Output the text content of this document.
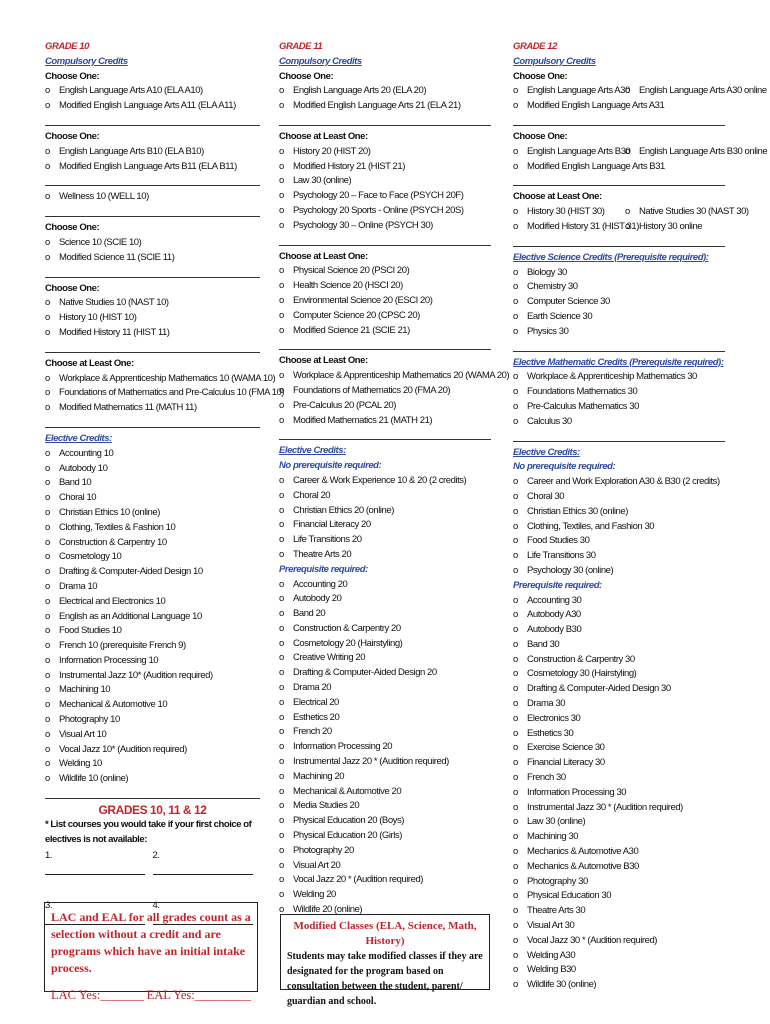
GRADE 10
Compulsory Credits
Choose One:
o English Language Arts A10 (ELA A10)
o Modified English Language Arts A11 (ELA A11)
Choose One:
o English Language Arts B10 (ELA B10)
o Modified English Language Arts B11 (ELA B11)
o Wellness 10 (WELL 10)
Choose One:
o Science 10 (SCIE 10)
o Modified Science 11 (SCIE 11)
Choose One:
o Native Studies 10 (NAST 10)
o History 10 (HIST 10)
o Modified History 11 (HIST 11)
Choose at Least One:
o Workplace & Apprenticeship Mathematics 10 (WAMA 10)
o Foundations of Mathematics and Pre-Calculus 10 (FMA 10)
o Modified Mathematics 11 (MATH 11)
Elective Credits:
o Accounting 10
o Autobody 10
o Band 10
o Choral 10
o Christian Ethics 10 (online)
o Clothing, Textiles & Fashion 10
o Construction & Carpentry 10
o Cosmetology 10
o Drafting & Computer-Aided Design 10
o Drama 10
o Electrical and Electronics 10
o English as an Additional Language 10
o Food Studies 10
o French 10 (prerequisite French 9)
o Information Processing 10
o Instrumental Jazz 10* (Audition required)
o Machining 10
o Mechanical & Automotive 10
o Photography 10
o Visual Art 10
o Vocal Jazz 10* (Audition required)
o Welding 10
o Wildlife 10 (online)
GRADES 10, 11 & 12
* List courses you would take if your first choice of electives is not available:
1.	2.
3.	4.
LAC and EAL for all grades count as a selection without a credit and are programs which have an initial intake process.
LAC Yes:_______ EAL Yes:_________
GRADE 11
Compulsory Credits
Choose One:
o English Language Arts 20 (ELA 20)
o Modified English Language Arts 21 (ELA 21)
Choose at Least One:
o History 20 (HIST 20)
o Modified History 21 (HIST 21)
o Law 30 (online)
o Psychology 20 – Face to Face (PSYCH 20F)
o Psychology 20 Sports - Online (PSYCH 20S)
o Psychology 30 – Online (PSYCH 30)
Choose at Least One:
o Physical Science 20 (PSCI 20)
o Health Science 20 (HSCI 20)
o Environmental Science 20 (ESCI 20)
o Computer Science 20 (CPSC 20)
o Modified Science 21 (SCIE 21)
Choose at Least One:
o Workplace & Apprenticeship Mathematics 20 (WAMA 20)
o Foundations of Mathematics 20 (FMA 20)
o Pre-Calculus 20 (PCAL 20)
o Modified Mathematics 21 (MATH 21)
Elective Credits:
No prerequisite required:
o Career & Work Experience 10 & 20 (2 credits)
o Choral 20
o Christian Ethics 20 (online)
o Financial Literacy 20
o Life Transitions 20
o Theatre Arts 20
Prerequisite required:
o Accounting 20
o Autobody 20
o Band 20
o Construction & Carpentry 20
o Cosmetology 20 (Hairstyling)
o Creative Writing 20
o Drafting & Computer-Aided Design 20
o Drama 20
o Electrical 20
o Esthetics 20
o French 20
o Information Processing 20
o Instrumental Jazz 20 * (Audition required)
o Machining 20
o Mechanical & Automotive 20
o Media Studies 20
o Physical Education 20 (Boys)
o Physical Education 20 (Girls)
o Photography 20
o Visual Art 20
o Vocal Jazz 20 * (Audition required)
o Welding 20
o Wildlife 20 (online)
Modified Classes (ELA, Science, Math, History)
Students may take modified classes if they are designated for the program based on consultation between the student, parent/ guardian and school.
GRADE 12
Compulsory Credits
Choose One:
o English Language Arts A30 o English Language Arts A30 online
o Modified English Language Arts A31
Choose One:
o English Language Arts B30 o English Language Arts B30 online
o Modified English Language Arts B31
Choose at Least One:
o History 30 (HIST 30)	o Native Studies 30 (NAST 30)
o Modified History 31 (HIST 31) o History 30 online
Elective Science Credits (Prerequisite required):
o Biology 30
o Chemistry 30
o Computer Science 30
o Earth Science 30
o Physics 30
Elective Mathematic Credits (Prerequisite required):
o Workplace & Apprenticeship Mathematics 30
o Foundations Mathematics 30
o Pre-Calculus Mathematics 30
o Calculus 30
Elective Credits:
No prerequisite required:
o Career and Work Exploration A30 & B30 (2 credits)
o Choral 30
o Christian Ethics 30 (online)
o Clothing, Textiles, and Fashion 30
o Food Studies 30
o Life Transitions 30
o Psychology 30 (online)
Prerequisite required:
o Accounting 30
o Autobody A30
o Autobody B30
o Band 30
o Construction & Carpentry 30
o Cosmetology 30 (Hairstyling)
o Drafting & Computer-Aided Design 30
o Drama 30
o Electronics 30
o Esthetics 30
o Exercise Science 30
o Financial Literacy 30
o French 30
o Information Processing 30
o Instrumental Jazz 30 * (Audition required)
o Law 30 (online)
o Machining 30
o Mechanics & Automotive A30
o Mechanics & Automotive B30
o Photography 30
o Physical Education 30
o Theatre Arts 30
o Visual Art 30
o Vocal Jazz 30 * (Audition required)
o Welding A30
o Welding B30
o Wildlife 30 (online)
